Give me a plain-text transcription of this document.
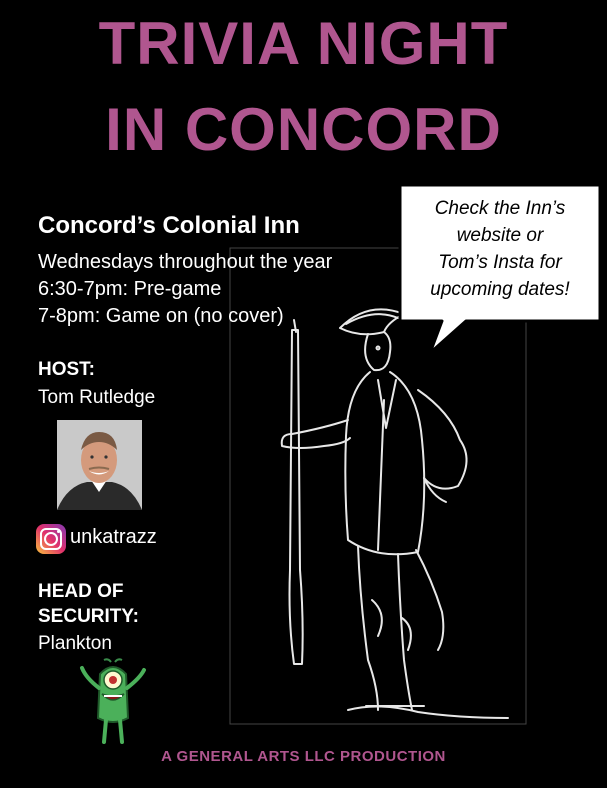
TRIVIA NIGHT
IN CONCORD
Check the Inn’s
website or
Tom’s Insta for
upcoming dates!
Concord’s Colonial Inn
Wednesdays throughout the year
6:30-7pm: Pre-game
7-8pm: Game on (no cover)
HOST:
Tom Rutledge
unkatrazz
HEAD OF
SECURITY:
Plankton
A GENERAL ARTS LLC PRODUCTION
